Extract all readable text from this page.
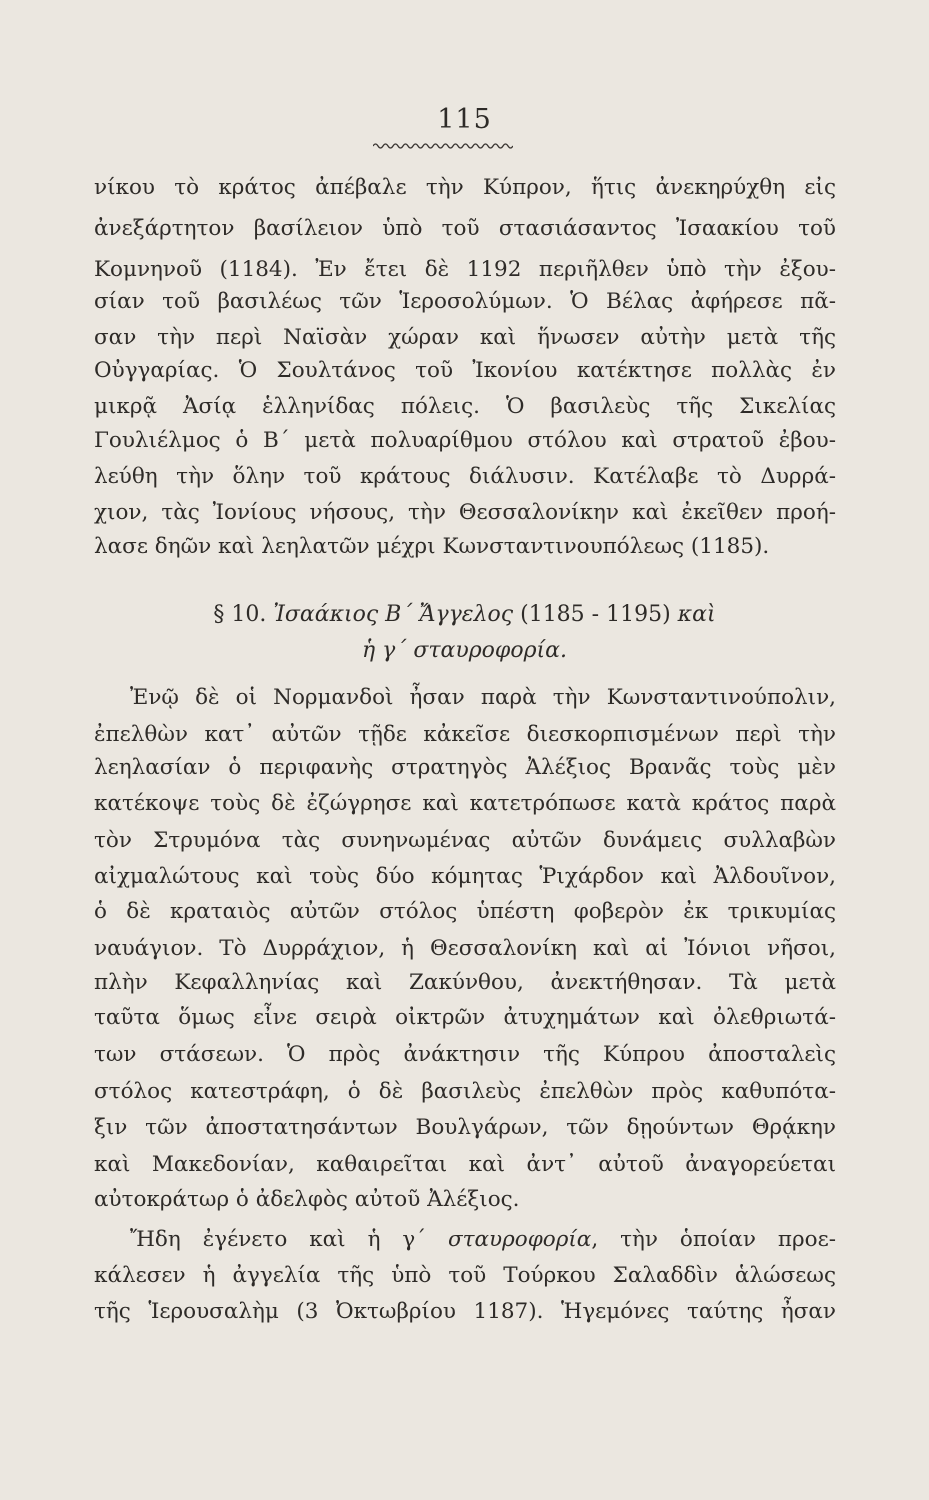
115
νίκου τὸ κράτος ἀπέβαλε τὴν Κύπρον, ἥτις ἀνεκηρύχθη εἰς
ἀνεξάρτητον βασίλειον ὑπὸ τοῦ στασιάσαντος Ἰσαακίου τοῦ
Κομνηνοῦ (1184). Ἐν ἔτει δὲ 1192 περιῆλθεν ὑπὸ τὴν ἐξου-
σίαν τοῦ βασιλέως τῶν Ἱεροσολύμων. Ὁ Βέλας ἀφήρεσε πᾶ-
σαν τὴν περὶ Ναϊσὰν χώραν καὶ ἥνωσεν αὐτὴν μετὰ τῆς
Οὐγγαρίας. Ὁ Σουλτάνος τοῦ Ἰκονίου κατέκτησε πολλὰς ἐν
μικρᾷ Ἀσίᾳ ἑλληνίδας πόλεις. Ὁ βασιλεὺς τῆς Σικελίας
Γουλιέλμος ὁ Β΄ μετὰ πολυαρίθμου στόλου καὶ στρατοῦ ἐβου-
λεύθη τὴν ὅλην τοῦ κράτους διάλυσιν. Κατέλαβε τὸ Δυρρά-
χιον, τὰς Ἰονίους νήσους, τὴν Θεσσαλονίκην καὶ ἐκεῖθεν προή-
λασε δηῶν καὶ λεηλατῶν μέχρι Κωνσταντινουπόλεως (1185).
§ 10. Ἰσαάκιος Β΄ Ἄγγελος (1185 - 1195) καὶ
ἡ γ΄ σταυροφορία.
Ἐνῷ δὲ οἱ Νορμανδοὶ ἦσαν παρὰ τὴν Κωνσταντινούπολιν,
ἐπελθὼν κατ᾽ αὐτῶν τῇδε κἀκεῖσε διεσκορπισμένων περὶ τὴν
λεηλασίαν ὁ περιφανὴς στρατηγὸς Ἀλέξιος Βρανᾶς τοὺς μὲν
κατέκοψε τοὺς δὲ ἐζώγρησε καὶ κατετρόπωσε κατὰ κράτος παρὰ
τὸν Στρυμόνα τὰς συνηνωμένας αὐτῶν δυνάμεις συλλαβὼν
αἰχμαλώτους καὶ τοὺς δύο κόμητας Ῥιχάρδον καὶ Ἀλδουῖνον,
ὁ δὲ κραταιὸς αὐτῶν στόλος ὑπέστη φοβερὸν ἐκ τρικυμίας
ναυάγιον. Τὸ Δυρράχιον, ἡ Θεσσαλονίκη καὶ αἱ Ἰόνιοι νῆσοι,
πλὴν Κεφαλληνίας καὶ Ζακύνθου, ἀνεκτήθησαν. Τὰ μετὰ
ταῦτα ὅμως εἶνε σειρὰ οἰκτρῶν ἀτυχημάτων καὶ ὀλεθριωτά-
των στάσεων. Ὁ πρὸς ἀνάκτησιν τῆς Κύπρου ἀποσταλεὶς
στόλος κατεστράφη, ὁ δὲ βασιλεὺς ἐπελθὼν πρὸς καθυπότα-
ξιν τῶν ἀποστατησάντων Βουλγάρων, τῶν δῃούντων Θρᾴκην
καὶ Μακεδονίαν, καθαιρεῖται καὶ ἀντ᾽ αὐτοῦ ἀναγορεύεται
αὐτοκράτωρ ὁ ἀδελφὸς αὐτοῦ Ἀλέξιος.
Ἤδη ἐγένετο καὶ ἡ γ΄ σταυροφορία, τὴν ὁποίαν προε-
κάλεσεν ἡ ἀγγελία τῆς ὑπὸ τοῦ Τούρκου Σαλαδδὶν ἁλώσεως
τῆς Ἱερουσαλὴμ (3 Ὀκτωβρίου 1187). Ἡγεμόνες ταύτης ἦσαν
